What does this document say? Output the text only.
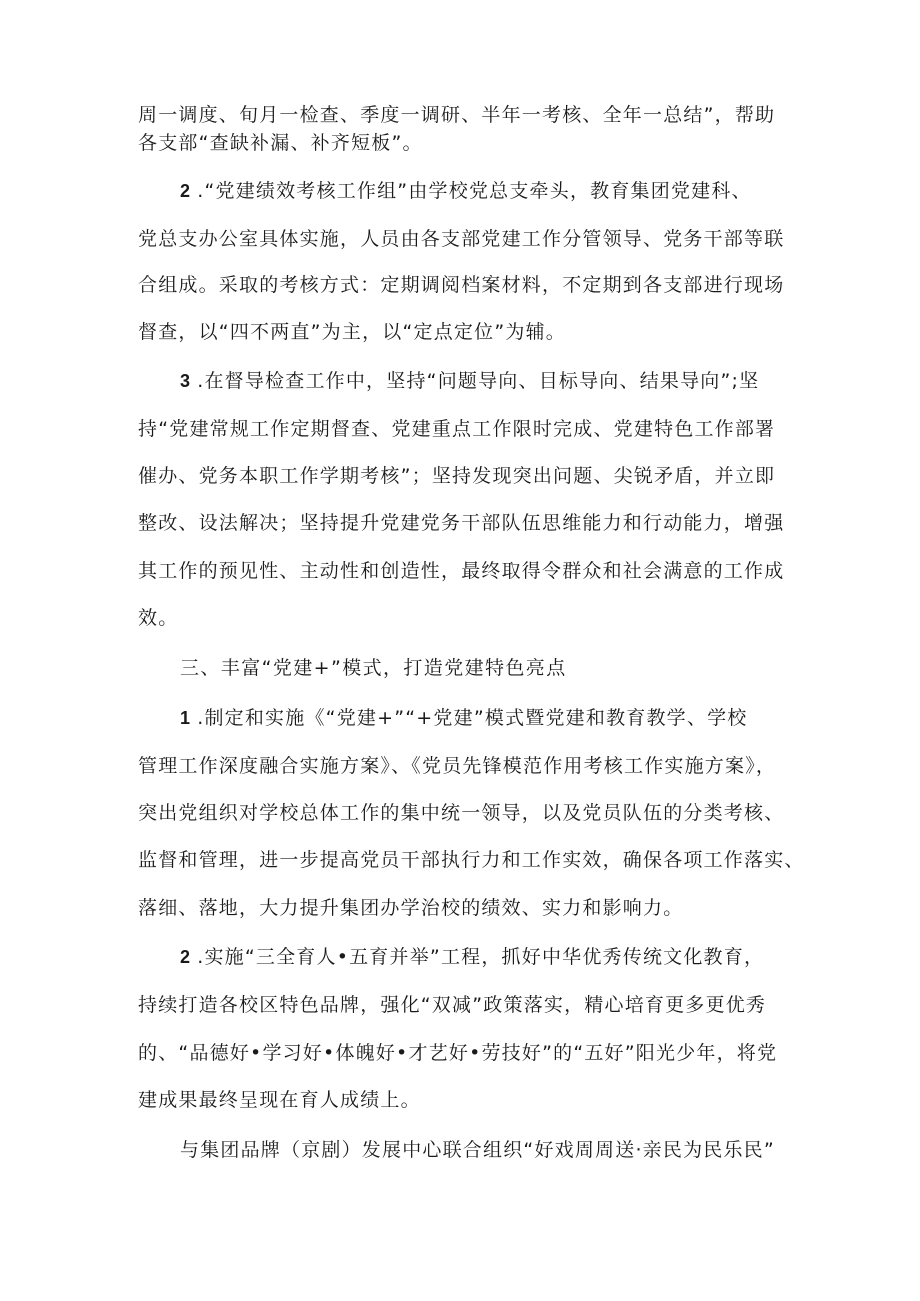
周一调度、旬月一检查、季度一调研、半年一考核、全年一总结”，帮助
各支部“查缺补漏、补齐短板”。
2 .“党建绩效考核工作组”由学校党总支牵头，教育集团党建科、
党总支办公室具体实施，人员由各支部党建工作分管领导、党务干部等联
合组成。采取的考核方式：定期调阅档案材料，不定期到各支部进行现场
督查，以“四不两直”为主，以“定点定位”为辅。
3 .在督导检查工作中，坚持“问题导向、目标导向、结果导向”;坚
持“党建常规工作定期督查、党建重点工作限时完成、党建特色工作部署
催办、党务本职工作学期考核”；坚持发现突出问题、尖锐矛盾，并立即
整改、设法解决；坚持提升党建党务干部队伍思维能力和行动能力，增强
其工作的预见性、主动性和创造性，最终取得令群众和社会满意的工作成
效。
三、丰富“党建+”模式，打造党建特色亮点
1 .制定和实施《“党建+”“+党建”模式暨党建和教育教学、学校
管理工作深度融合实施方案》、《党员先锋模范作用考核工作实施方案》，
突出党组织对学校总体工作的集中统一领导，以及党员队伍的分类考核、
监督和管理，进一步提高党员干部执行力和工作实效，确保各项工作落实、
落细、落地，大力提升集团办学治校的绩效、实力和影响力。
2 .实施“三全育人•五育并举”工程，抓好中华优秀传统文化教育，
持续打造各校区特色品牌，强化“双减”政策落实，精心培育更多更优秀
的、“品德好•学习好•体魄好•才艺好•劳技好”的“五好”阳光少年，将党
建成果最终呈现在育人成绩上。
与集团品牌（京剧）发展中心联合组织“好戏周周送·亲民为民乐民”
